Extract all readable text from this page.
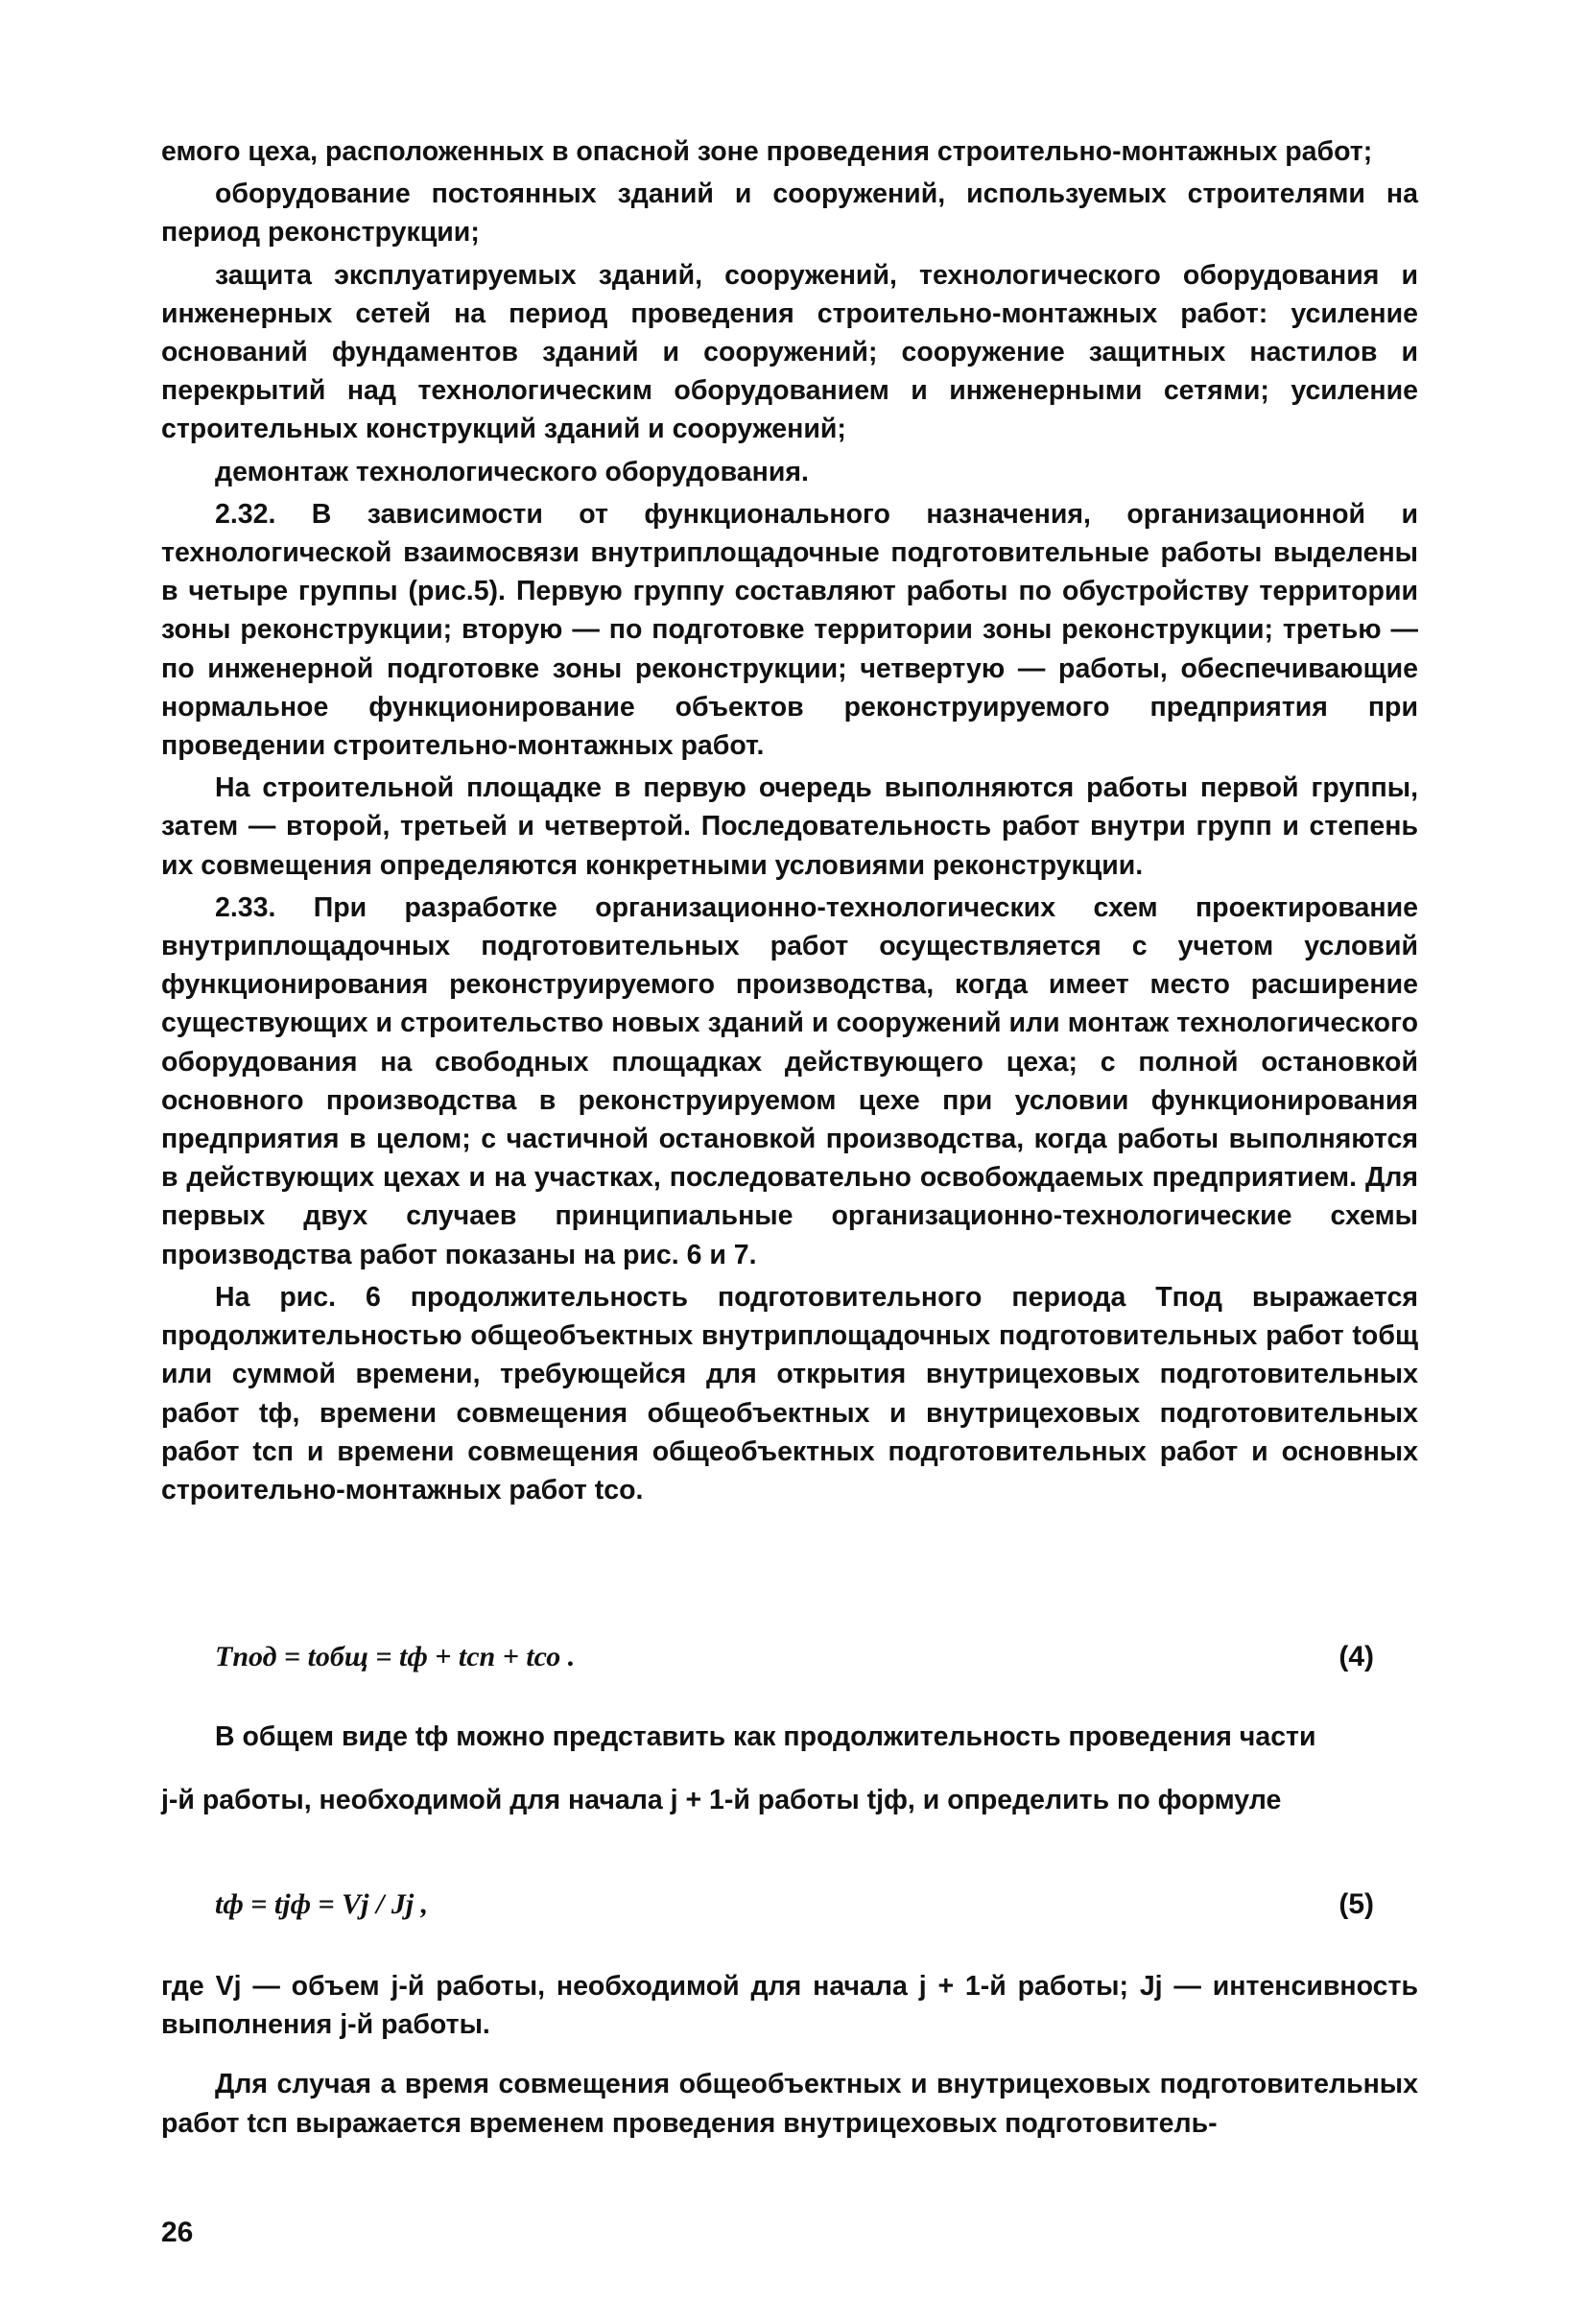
емого цеха, расположенных в опасной зоне проведения строительно-монтажных работ;

оборудование постоянных зданий и сооружений, используемых строителями на период реконструкции;

защита эксплуатируемых зданий, сооружений, технологического оборудования и инженерных сетей на период проведения строительно-монтажных работ: усиление оснований фундаментов зданий и сооружений; сооружение защитных настилов и перекрытий над технологическим оборудованием и инженерными сетями; усиление строительных конструкций зданий и сооружений;

демонтаж технологического оборудования.

2.32. В зависимости от функционального назначения, организационной и технологической взаимосвязи внутриплощадочные подготовительные работы выделены в четыре группы (рис.5). Первую группу составляют работы по обустройству территории зоны реконструкции; вторую — по подготовке территории зоны реконструкции; третью — по инженерной подготовке зоны реконструкции; четвертую — работы, обеспечивающие нормальное функционирование объектов реконструируемого предприятия при проведении строительно-монтажных работ.

На строительной площадке в первую очередь выполняются работы первой группы, затем — второй, третьей и четвертой. Последовательность работ внутри групп и степень их совмещения определяются конкретными условиями реконструкции.

2.33. При разработке организационно-технологических схем проектирование внутриплощадочных подготовительных работ осуществляется с учетом условий функционирования реконструируемого производства, когда имеет место расширение существующих и строительство новых зданий и сооружений или монтаж технологического оборудования на свободных площадках действующего цеха; с полной остановкой основного производства в реконструируемом цехе при условии функционирования предприятия в целом; с частичной остановкой производства, когда работы выполняются в действующих цехах и на участках, последовательно освобождаемых предприятием. Для первых двух случаев принципиальные организационно-технологические схемы производства работ показаны на рис. 6 и 7.

На рис. 6 продолжительность подготовительного периода Tпод выражается продолжительностью общеобъектных внутриплощадочных подготовительных работ tобщ или суммой времени, требующейся для открытия внутрицеховых подготовительных работ tф, времени совмещения общеобъектных и внутрицеховых подготовительных работ tсп и времени совмещения общеобъектных подготовительных работ и основных строительно-монтажных работ tсо.

Tпод = tобщ = tф + tсп + tсо .	(4)

В общем виде tф можно представить как продолжительность проведения части

j-й работы, необходимой для начала j + 1-й работы tjф, и определить по формуле

tф = tjф = Vj / Jj ,	(5)

где Vj — объем j-й работы, необходимой для начала j + 1-й работы; Jj — интенсивность выполнения j-й работы.

Для случая а время совмещения общеобъектных и внутрицеховых подготовительных работ tсп выражается временем проведения внутрицеховых подготовитель-

26
